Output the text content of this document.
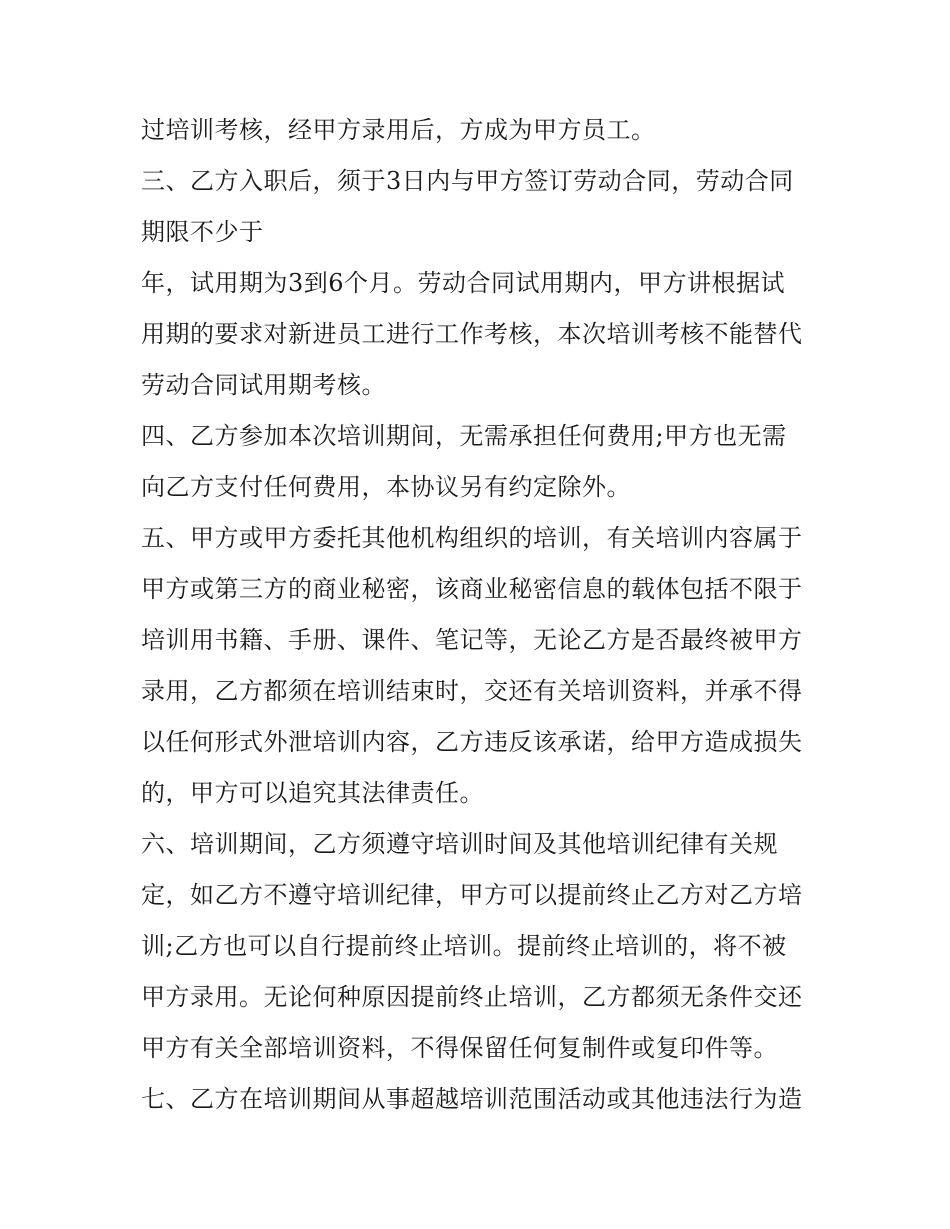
过培训考核，经甲方录用后，方成为甲方员工。
三、乙方入职后，须于3日内与甲方签订劳动合同，劳动合同
期限不少于
年，试用期为3到6个月。劳动合同试用期内，甲方讲根据试
用期的要求对新进员工进行工作考核，本次培训考核不能替代
劳动合同试用期考核。
四、乙方参加本次培训期间，无需承担任何费用;甲方也无需
向乙方支付任何费用，本协议另有约定除外。
五、甲方或甲方委托其他机构组织的培训，有关培训内容属于
甲方或第三方的商业秘密，该商业秘密信息的载体包括不限于
培训用书籍、手册、课件、笔记等，无论乙方是否最终被甲方
录用，乙方都须在培训结束时，交还有关培训资料，并承不得
以任何形式外泄培训内容，乙方违反该承诺，给甲方造成损失
的，甲方可以追究其法律责任。
六、培训期间，乙方须遵守培训时间及其他培训纪律有关规
定，如乙方不遵守培训纪律，甲方可以提前终止乙方对乙方培
训;乙方也可以自行提前终止培训。提前终止培训的，将不被
甲方录用。无论何种原因提前终止培训，乙方都须无条件交还
甲方有关全部培训资料，不得保留任何复制件或复印件等。
七、乙方在培训期间从事超越培训范围活动或其他违法行为造
